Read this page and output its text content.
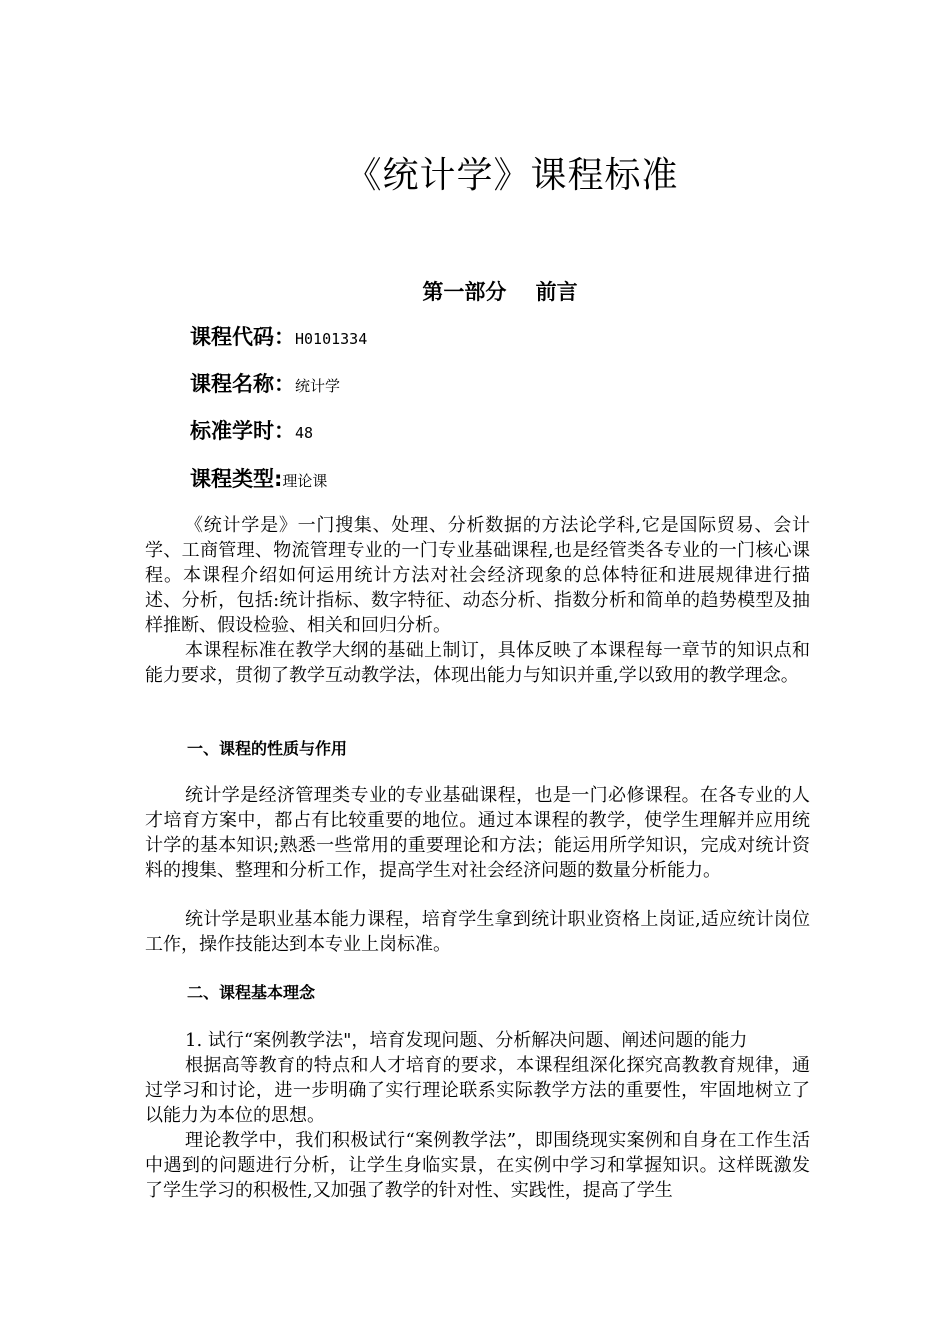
《统计学》课程标准
第一部分    前言
课程代码：H0101334
课程名称：统计学
标准学时：48
课程类型:理论课

《统计学是》一门搜集、处理、分析数据的方法论学科,它是国际贸易、会计学、工商管理、物流管理专业的一门专业基础课程,也是经管类各专业的一门核心课程。本课程介绍如何运用统计方法对社会经济现象的总体特征和进展规律进行描述、分析，包括:统计指标、数字特征、动态分析、指数分析和简单的趋势模型及抽样推断、假设检验、相关和回归分析。

本课程标准在教学大纲的基础上制订，具体反映了本课程每一章节的知识点和能力要求，贯彻了教学互动教学法，体现出能力与知识并重,学以致用的教学理念。

一、课程的性质与作用

统计学是经济管理类专业的专业基础课程，也是一门必修课程。在各专业的人才培育方案中，都占有比较重要的地位。通过本课程的教学，使学生理解并应用统计学的基本知识;熟悉一些常用的重要理论和方法；能运用所学知识，完成对统计资料的搜集、整理和分析工作，提高学生对社会经济问题的数量分析能力。

统计学是职业基本能力课程，培育学生拿到统计职业资格上岗证,适应统计岗位工作，操作技能达到本专业上岗标准。

二、课程基本理念

1. 试行“案例教学法"，培育发现问题、分析解决问题、阐述问题的能力

根据高等教育的特点和人才培育的要求，本课程组深化探究高教教育规律，通过学习和讨论，进一步明确了实行理论联系实际教学方法的重要性，牢固地树立了以能力为本位的思想。

理论教学中，我们积极试行“案例教学法”，即围绕现实案例和自身在工作生活中遇到的问题进行分析，让学生身临实景，在实例中学习和掌握知识。这样既激发了学生学习的积极性,又加强了教学的针对性、实践性，提高了学生
